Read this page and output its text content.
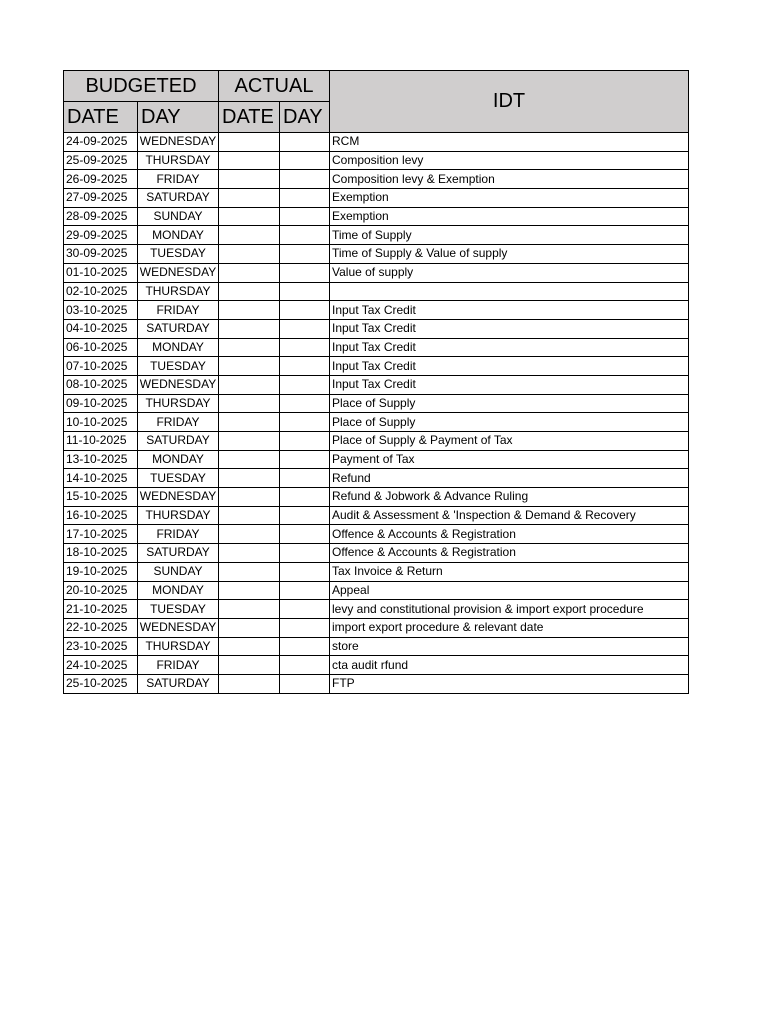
BUDGETED		ACTUAL		IDT
DATE	DAY	DATE	DAY	
24-09-2025	WEDNESDAY			RCM
25-09-2025	THURSDAY			Composition levy
26-09-2025	FRIDAY			Composition levy & Exemption
27-09-2025	SATURDAY			Exemption
28-09-2025	SUNDAY			Exemption
29-09-2025	MONDAY			Time of Supply
30-09-2025	TUESDAY			Time of Supply & Value of supply
01-10-2025	WEDNESDAY			Value of supply
02-10-2025	THURSDAY			
03-10-2025	FRIDAY			Input Tax Credit
04-10-2025	SATURDAY			Input Tax Credit
06-10-2025	MONDAY			Input Tax Credit
07-10-2025	TUESDAY			Input Tax Credit
08-10-2025	WEDNESDAY			Input Tax Credit
09-10-2025	THURSDAY			Place of Supply
10-10-2025	FRIDAY			Place of Supply
11-10-2025	SATURDAY			Place of Supply & Payment of Tax
13-10-2025	MONDAY			Payment of Tax
14-10-2025	TUESDAY			Refund
15-10-2025	WEDNESDAY			Refund & Jobwork & Advance Ruling
16-10-2025	THURSDAY			Audit & Assessment & 'Inspection & Demand & Recovery
17-10-2025	FRIDAY			Offence & Accounts & Registration
18-10-2025	SATURDAY			Offence & Accounts & Registration
19-10-2025	SUNDAY			Tax Invoice & Return
20-10-2025	MONDAY			Appeal
21-10-2025	TUESDAY			levy and constitutional provision & import export procedure
22-10-2025	WEDNESDAY			import export procedure & relevant date
23-10-2025	THURSDAY			store
24-10-2025	FRIDAY			cta audit rfund
25-10-2025	SATURDAY			FTP
